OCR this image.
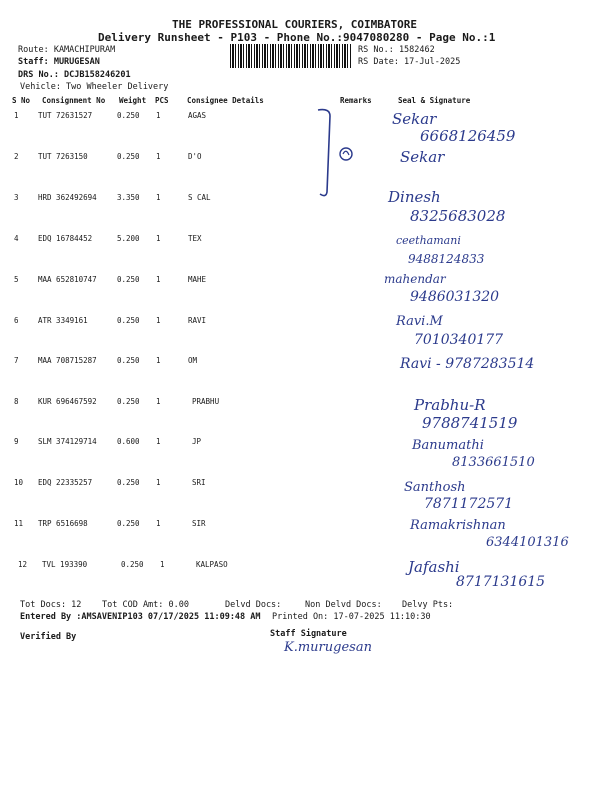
THE PROFESSIONAL COURIERS, COIMBATORE
Delivery Runsheet - P103 - Phone No.:9047080280 - Page No.:1
Route: KAMACHIPURAM
Staff: MURUGESAN
DRS No.: DCJB158246201
Vehicle: Two Wheeler Delivery
RS No.: 1582462
RS Date: 17-Jul-2025
S No Consignment No Weight PCS Consignee Details	Remarks	Seal & Signature
1	TUT 72631527	0.250 1	AGAS	Sekar
6668126459
2	TUT 7263150	0.250 1	D'O	Sekar
3	HRD 362492694	3.350 1	S CAL	Dinesh
8325683028
4	EDQ 16784452	5.200 1	TEX	ceethamani
9488124833
5	MAA 652810747	0.250 1	MAHE	mahendar
9486031320
6	ATR 3349161	0.250 1	RAVI	Ravi.M
7010340177
7	MAA 708715287	0.250 1	OM	Ravi - 9787283514
8	KUR 696467592	0.250 1	PRABHU	Prabhu-R
9788741519
9	SLM 374129714	0.600 1	JP	Banumathi
8133661510
10 EDQ 22335257	0.250 1	SRI	Santhosh
7871172571
11 TRP 6516698	0.250 1	SIR	Ramakrishnan
6344101316
12 TVL 193390	0.250 1	KALPASO	Jafashi
8717131615
Tot Docs: 12 Tot COD Amt: 0.00	Delvd Docs:	Non Delvd Docs: Delvy Pts:
Entered By :AMSAVENIP103 07/17/2025 11:09:48 AM Printed On: 17-07-2025 11:10:30
Verified By	Staff Signature
K.murugesan
